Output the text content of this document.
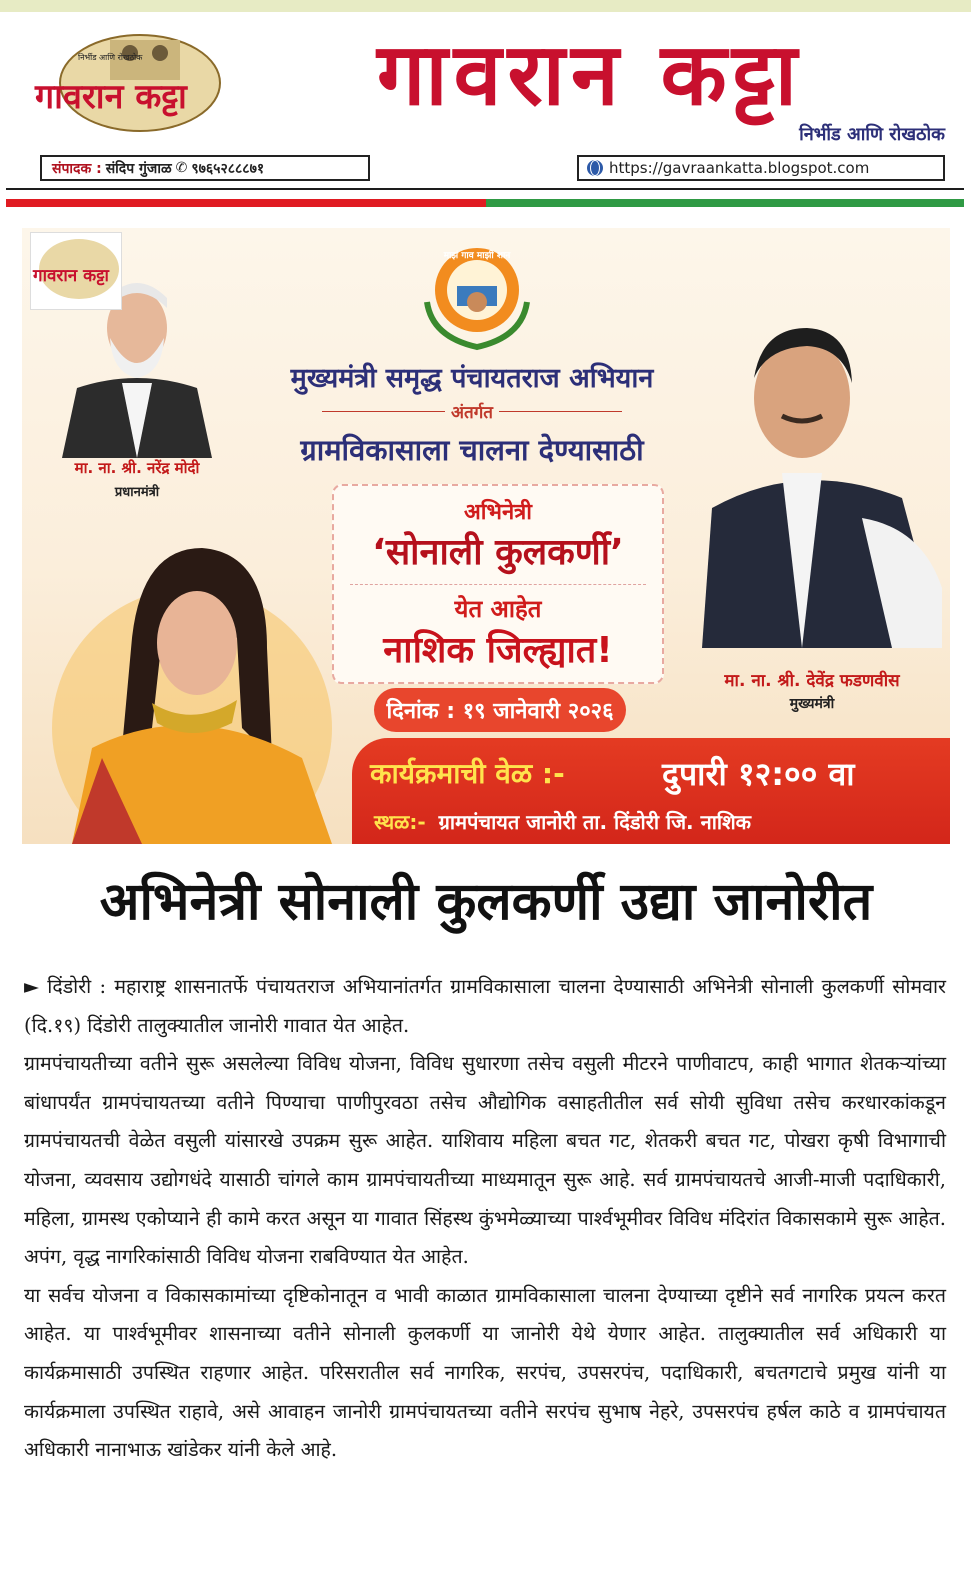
गावरान कट्टा
निर्भीड आणि रोखठोक	गावरान कट्टा
निर्भीड आणि रोखठोक
संपादक : संदिप गुंजाळ ✆ ९७६५२८८८७१	https://gavraankatta.blogspot.com
मा. ना. श्री. नरेंद्र मोदी
प्रधानमंत्री
गावरान कट्टा
माझं गाव माझी शान
मुख्यमंत्री समृद्ध पंचायतराज अभियान
अंतर्गत
ग्रामविकासाला चालना देण्यासाठी
अभिनेत्री
‘सोनाली कुलकर्णी’
येत आहेत
नाशिक जिल्ह्यात!
मा. ना. श्री. देवेंद्र फडणवीस
मुख्यमंत्री
दिनांक : १९ जानेवारी २०२६
कार्यक्रमाची वेळ :-	दुपारी १२:०० वा
स्थळ:- ग्रामपंचायत जानोरी ता. दिंडोरी जि. नाशिक
अभिनेत्री सोनाली कुलकर्णी उद्या जानोरीत

► दिंडोरी : महाराष्ट्र शासनातर्फे पंचायतराज अभियानांतर्गत ग्रामविकासाला चालना देण्यासाठी अभिनेत्री सोनाली कुलकर्णी सोमवार (दि.१९) दिंडोरी तालुक्यातील जानोरी गावात येत आहेत.

ग्रामपंचायतीच्या वतीने सुरू असलेल्या विविध योजना, विविध सुधारणा तसेच वसुली मीटरने पाणीवाटप, काही भागात शेतकऱ्यांच्या बांधापर्यंत ग्रामपंचायतच्या वतीने पिण्याचा पाणीपुरवठा तसेच औद्योगिक वसाहतीतील सर्व सोयी सुविधा तसेच करधारकांकडून ग्रामपंचायतची वेळेत वसुली यांसारखे उपक्रम सुरू आहेत. याशिवाय महिला बचत गट, शेतकरी बचत गट, पोखरा कृषी विभागाची योजना, व्यवसाय उद्योगधंदे यासाठी चांगले काम ग्रामपंचायतीच्या माध्यमातून सुरू आहे. सर्व ग्रामपंचायतचे आजी-माजी पदाधिकारी, महिला, ग्रामस्थ एकोप्याने ही कामे करत असून या गावात सिंहस्थ कुंभमेळ्याच्या पार्श्वभूमीवर विविध मंदिरांत विकासकामे सुरू आहेत. अपंग, वृद्ध नागरिकांसाठी विविध योजना राबविण्यात येत आहेत.

या सर्वच योजना व विकासकामांच्या दृष्टिकोनातून व भावी काळात ग्रामविकासाला चालना देण्याच्या दृष्टीने सर्व नागरिक प्रयत्न करत आहेत. या पार्श्वभूमीवर शासनाच्या वतीने सोनाली कुलकर्णी या जानोरी येथे येणार आहेत. तालुक्यातील सर्व अधिकारी या कार्यक्रमासाठी उपस्थित राहणार आहेत. परिसरातील सर्व नागरिक, सरपंच, उपसरपंच, पदाधिकारी, बचतगटाचे प्रमुख यांनी या कार्यक्रमाला उपस्थित राहावे, असे आवाहन जानोरी ग्रामपंचायतच्या वतीने सरपंच सुभाष नेहरे, उपसरपंच हर्षल काठे व ग्रामपंचायत अधिकारी नानाभाऊ खांडेकर यांनी केले आहे.
